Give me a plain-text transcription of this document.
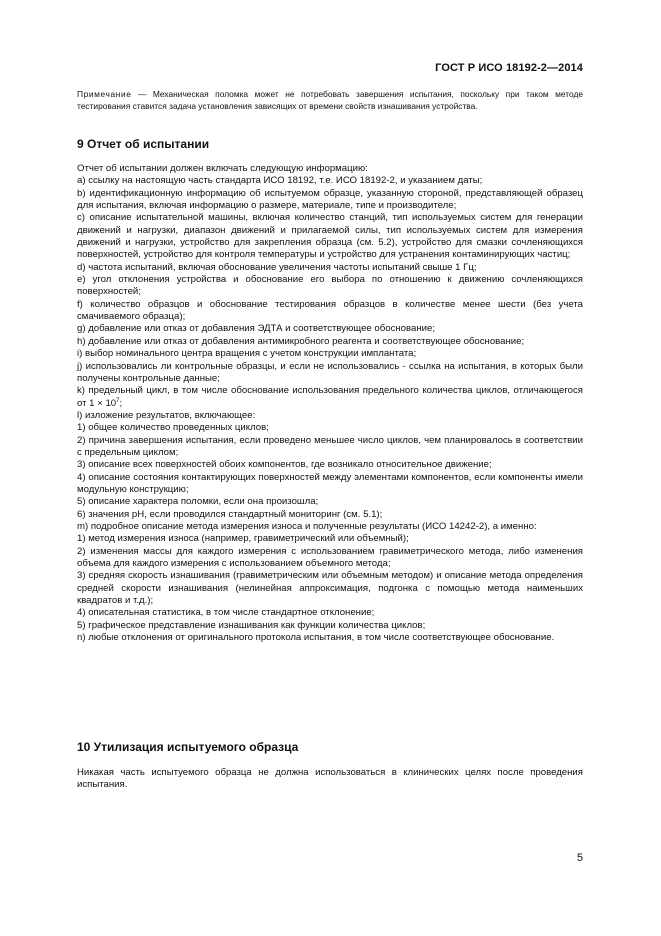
ГОСТ Р ИСО 18192-2—2014
Примечание — Механическая поломка может не потребовать завершения испытания, поскольку при таком методе тестирования ставится задача установления зависящих от времени свойств изнашивания устройства.
9 Отчет об испытании

Отчет об испытании должен включать следующую информацию:

a) ссылку на настоящую часть стандарта ИСО 18192, т.е. ИСО 18192-2, и указанием даты;

b) идентификационную информацию об испытуемом образце, указанную стороной, представляющей образец для испытания, включая информацию о размере, материале, типе и производителе;

c) описание испытательной машины, включая количество станций, тип используемых систем для генерации движений и нагрузки, диапазон движений и прилагаемой силы, тип используемых систем для измерения движений и нагрузки, устройство для закрепления образца (см. 5.2), устройство для смазки сочленяющихся поверхностей, устройство для контроля температуры и устройство для устранения контаминирующих частиц;

d) частота испытаний, включая обоснование увеличения частоты испытаний свыше 1 Гц;

e) угол отклонения устройства и обоснование его выбора по отношению к движению сочленяющихся поверхностей;

f) количество образцов и обоснование тестирования образцов в количестве менее шести (без учета смачиваемого образца);

g) добавление или отказ от добавления ЭДТА и соответствующее обоснование;

h) добавление или отказ от добавления антимикробного реагента и соответствующее обоснование;

i) выбор номинального центра вращения с учетом конструкции имплантата;

j) использовались ли контрольные образцы, и если не использовались - ссылка на испытания, в которых были получены контрольные данные;

k) предельный цикл, в том числе обоснование использования предельного количества циклов, отличающегося от $1 \times 10^7$;

l) изложение результатов, включающее:

1) общее количество проведенных циклов;

2) причина завершения испытания, если проведено меньшее число циклов, чем планировалось в соответствии с предельным циклом;

3) описание всех поверхностей обоих компонентов, где возникало относительное движение;

4) описание состояния контактирующих поверхностей между элементами компонентов, если компоненты имели модульную конструкцию;

5) описание характера поломки, если она произошла;

6) значения pH, если проводился стандартный мониторинг (см. 5.1);

m) подробное описание метода измерения износа и полученные результаты (ИСО 14242-2), а именно:

1) метод измерения износа (например, гравиметрический или объемный);

2) изменения массы для каждого измерения с использованием гравиметрического метода, либо изменения объема для каждого измерения с использованием объемного метода;

3) средняя скорость изнашивания (гравиметрическим или объемным методом) и описание метода определения средней скорости изнашивания (нелинейная аппроксимация, подгонка с помощью метода наименьших квадратов и т.д.);

4) описательная статистика, в том числе стандартное отклонение;

5) графическое представление изнашивания как функции количества циклов;

n) любые отклонения от оригинального протокола испытания, в том числе соответствующее обоснование.

10 Утилизация испытуемого образца

Никакая часть испытуемого образца не должна использоваться в клинических целях после проведения испытания.

5
